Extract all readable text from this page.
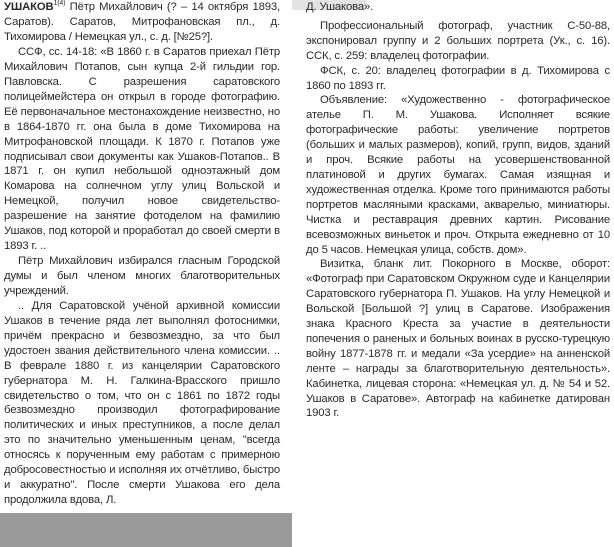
$УШАКОВ^{1(4)}$ Пётр Михайлович (? – 14 октября 1893, Саратов). Саратов, Митрофановская пл., д. Тихомирова / Немецкая ул., с. д. [№25?].

ССФ, сс. 14-18: «В 1860 г. в Саратов приехал Пётр Михайлович Потапов, сын купца 2-й гильдии гор. Павловска. С разрешения саратовского полицеймейстера он открыл в городе фотографию. Её первоначальное местонахождение неизвестно, но в 1864-1870 гг. она была в доме Тихомирова на Митрофановской площади. К 1870 г. Потапов уже подписывал свои документы как Ушаков-Потапов.. В 1871 г. он купил небольшой одноэтажный дом Комарова на солнечном углу улиц Вольской и Немецкой, получил новое свидетельство-разрешение на занятие фотоделом на фамилию Ушаков, под которой и проработал до своей смерти в 1893 г. ..

Пётр Михайлович избирался гласным Городской думы и был членом многих благотворительных учреждений.

.. Для Саратовской учёной архивной комиссии Ушаков в течение ряда лет выполнял фотоснимки, причём прекрасно и безвозмездно, за что был удостоен звания действительного члена комиссии. .. В феврале 1880 г. из канцелярии Саратовского губернатора М. Н. Галкина-Врасского пришло свидетельство о том, что он с 1861 по 1872 годы безвозмездно производил фотографирование политических и иных преступников, а после делал это по значительно уменьшенным ценам, "всегда относясь к порученным ему работам с примерною добросовестностью и исполняя их отчётливо, быстро и аккуратно". После смерти Ушакова его дела продолжила вдова, Л.

Д. Ушакова».

Профессиональный фотограф, участник С-50-88, экспонировал группу и 2 больших портрета (Ук., с. 16). ССК, с. 259: владелец фотографии.

ФСК, с. 20: владелец фотографии в д. Тихомирова с 1860 по 1893 гг.

Объявление: «Художественно - фотографическое ателье П. М. Ушакова. Исполняет всякие фотографические работы: увеличение портретов (больших и малых размеров), копий, групп, видов, зданий и проч. Всякие работы на усовершенствованной платиновой и других бумагах. Самая изящная и художественная отделка. Кроме того принимаются работы портретов масляными красками, акварелью, миниатюры. Чистка и реставрация древних картин. Рисование всевозможных виньеток и проч. Открыта ежедневно от 10 до 5 часов. Немецкая улица, собств. дом».

Визитка, бланк лит. Покорного в Москве, оборот: «Фотограф при Саратовском Окружном суде и Канцелярии Саратовского губернатора П. Ушаков. На углу Немецкой и Вольской [Большой ?] улиц в Саратове. Изображения знака Красного Креста за участие в деятельности попечения о раненых и больных воинах в русско-турецкую войну 1877-1878 гг. и медали «За усердие» на анненской ленте – награды за благотворительную деятельность». Кабинетка, лицевая сторона: «Немецкая ул. д. № 54 и 52. Ушаков в Саратове». Автограф на кабинетке датирован 1903 г.
